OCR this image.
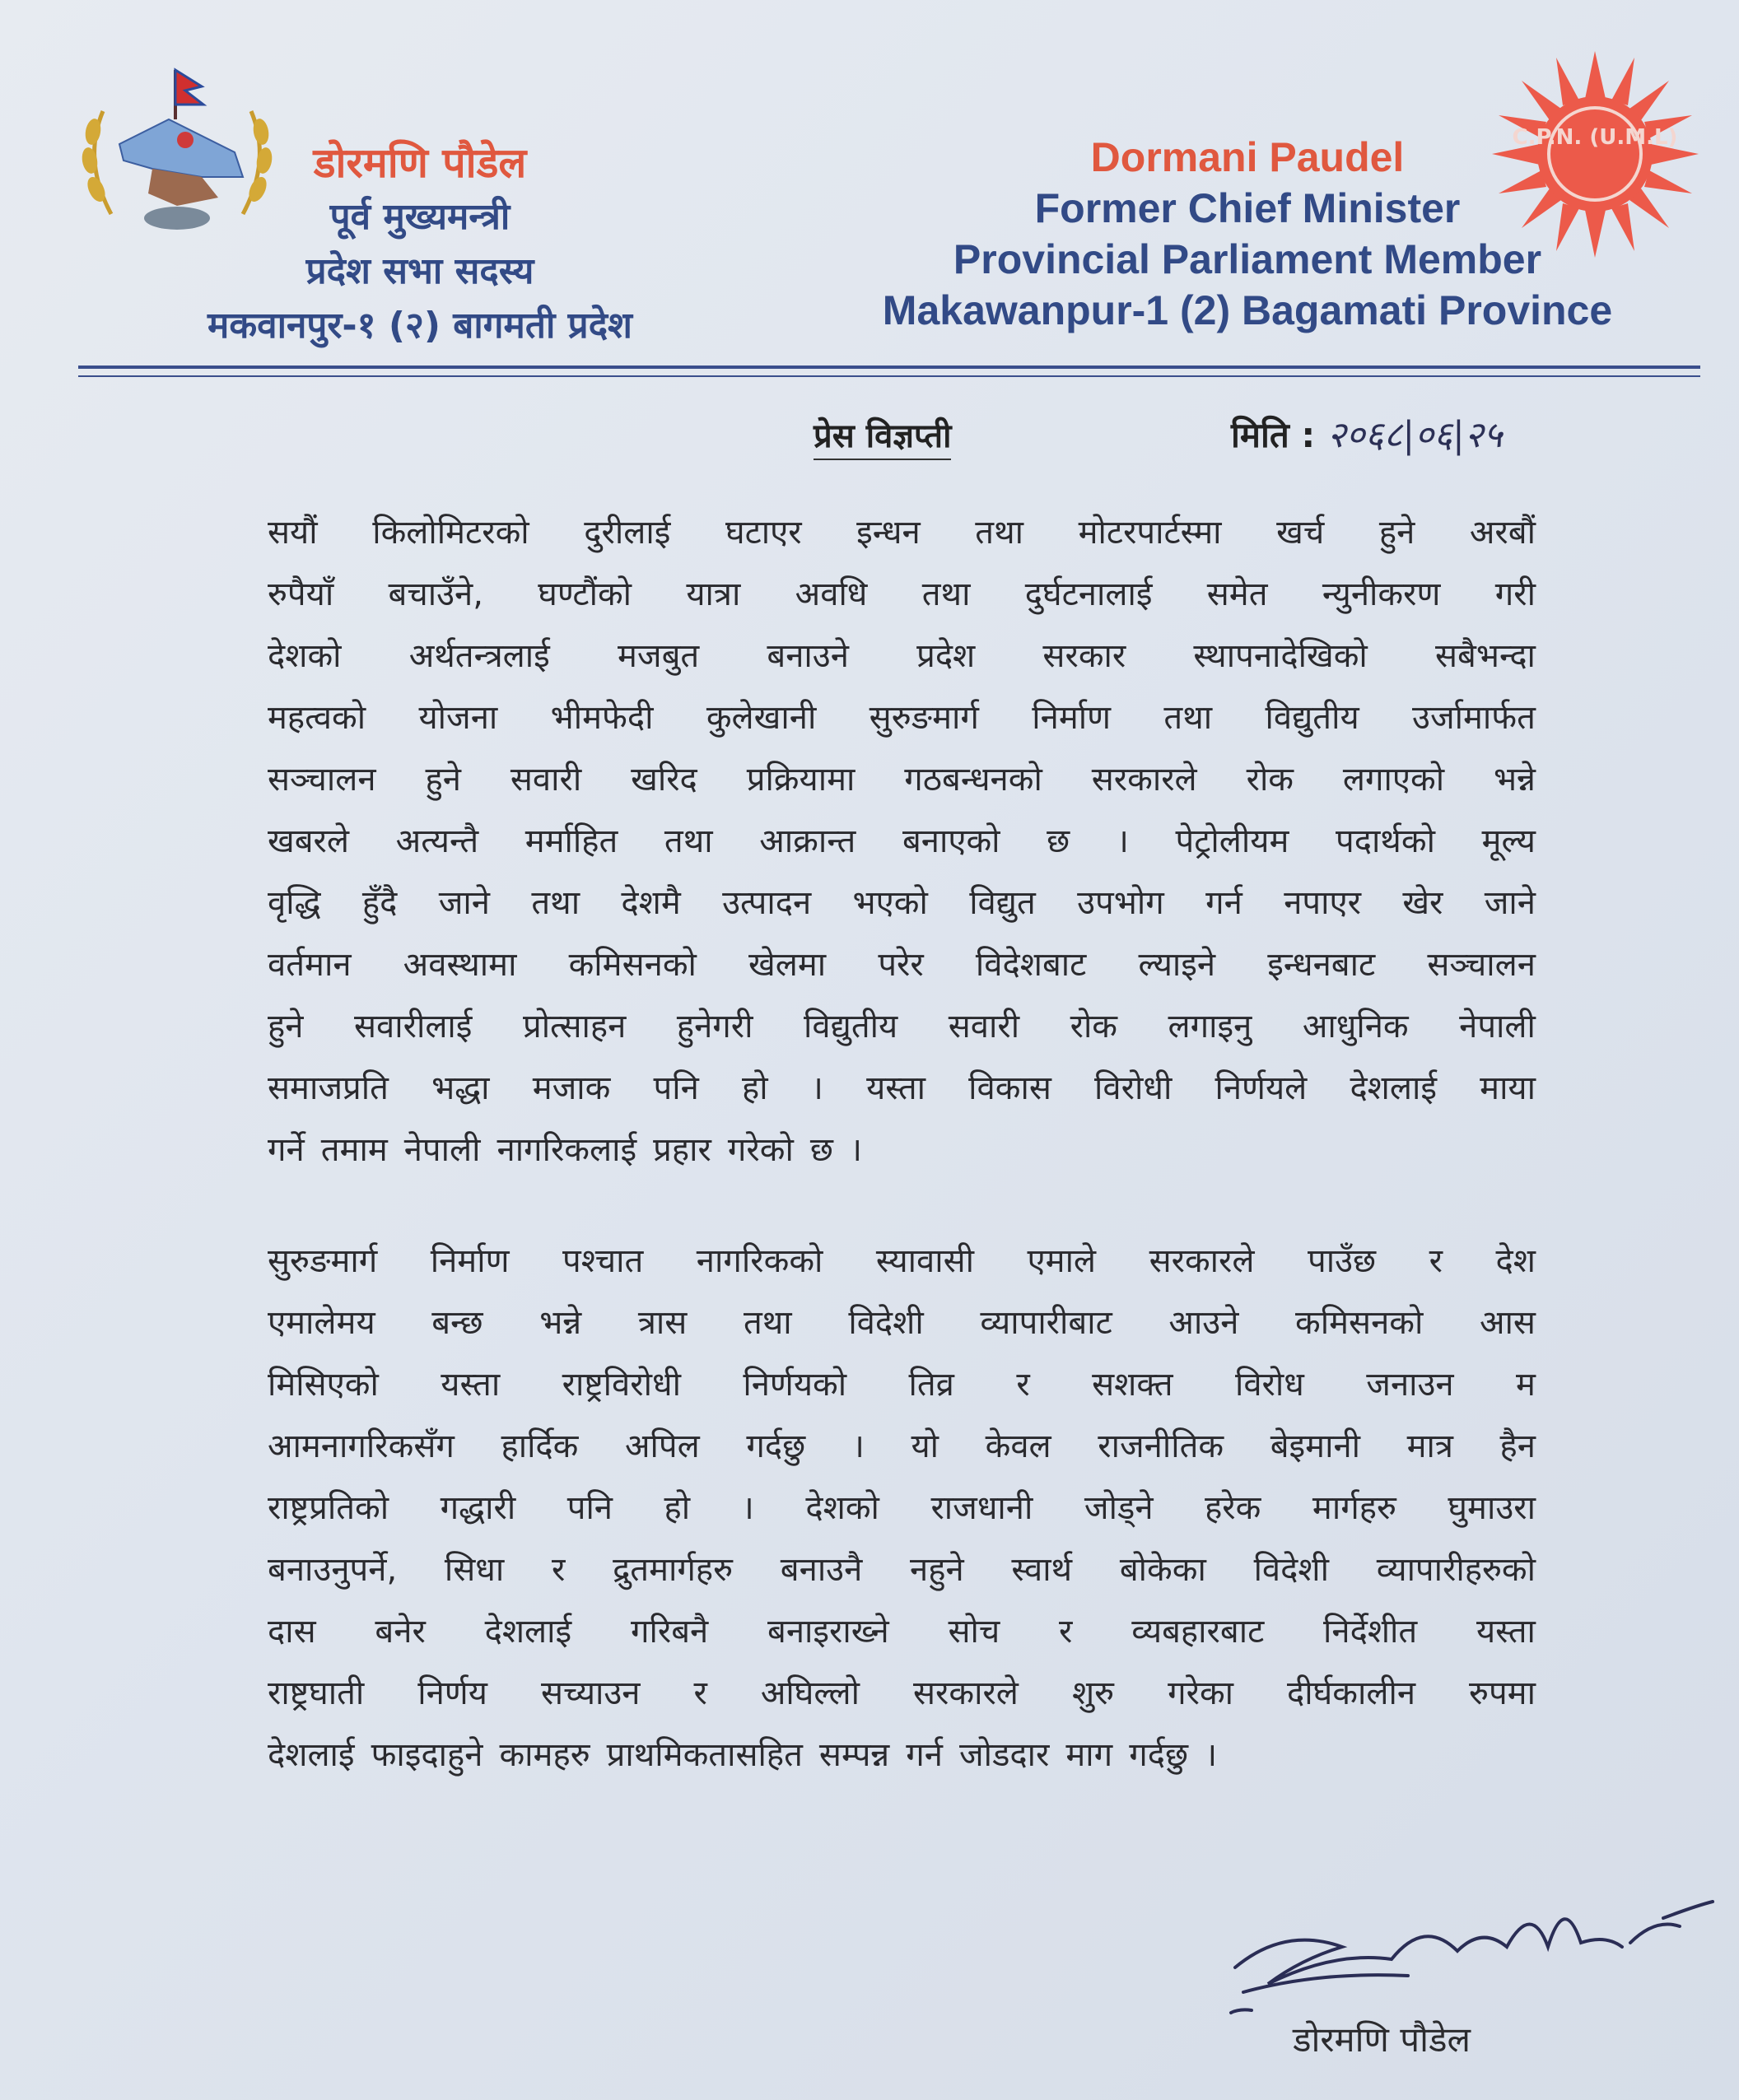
डोरमणि पौडेल
पूर्व मुख्यमन्त्री
प्रदेश सभा सदस्य
मकवानपुर-१ (२) बागमती प्रदेश
Dormani Paudel
Former Chief Minister
Provincial Parliament Member
Makawanpur-1 (2) Bagamati Province
C.P.N. (U.M.L)
प्रेस विज्ञप्ती	मिति : २०६८|०६|२५
सयौं किलोमिटरको दुरीलाई घटाएर इन्धन तथा मोटरपार्टस्मा खर्च हुने अरबौं
रुपैयाँ बचाउँने, घण्टौंको यात्रा अवधि तथा दुर्घटनालाई समेत न्युनीकरण गरी
देशको अर्थतन्त्रलाई मजबुत बनाउने प्रदेश सरकार स्थापनादेखिको सबैभन्दा
महत्वको योजना भीमफेदी कुलेखानी सुरुङमार्ग निर्माण तथा विद्युतीय उर्जामार्फत
सञ्चालन हुने सवारी खरिद प्रक्रियामा गठबन्धनको सरकारले रोक लगाएको भन्ने
खबरले अत्यन्तै मर्माहित तथा आक्रान्त बनाएको छ । पेट्रोलीयम पदार्थको मूल्य
वृद्धि हुँदै जाने तथा देशमै उत्पादन भएको विद्युत उपभोग गर्न नपाएर खेर जाने
वर्तमान अवस्थामा कमिसनको खेलमा परेर विदेशबाट ल्याइने इन्धनबाट सञ्चालन
हुने सवारीलाई प्रोत्साहन हुनेगरी विद्युतीय सवारी रोक लगाइनु आधुनिक नेपाली
समाजप्रति भद्धा मजाक पनि हो । यस्ता विकास विरोधी निर्णयले देशलाई माया
गर्ने तमाम नेपाली नागरिकलाई प्रहार गरेको छ ।
सुरुङमार्ग निर्माण पश्चात नागरिकको स्यावासी एमाले सरकारले पाउँछ र देश
एमालेमय बन्छ भन्ने त्रास तथा विदेशी व्यापारीबाट आउने कमिसनको आस
मिसिएको यस्ता राष्ट्रविरोधी निर्णयको तिव्र र सशक्त विरोध जनाउन म
आमनागरिकसँग हार्दिक अपिल गर्दछु । यो केवल राजनीतिक बेइमानी मात्र हैन
राष्ट्रप्रतिको गद्धारी पनि हो । देशको राजधानी जोड्ने हरेक मार्गहरु घुमाउरा
बनाउनुपर्ने, सिधा र द्रुतमार्गहरु बनाउनै नहुने स्वार्थ बोकेका विदेशी व्यापारीहरुको
दास बनेर देशलाई गरिबनै बनाइराख्ने सोच र व्यबहारबाट निर्देशीत यस्ता
राष्ट्रघाती निर्णय सच्याउन र अघिल्लो सरकारले शुरु गरेका दीर्घकालीन रुपमा
देशलाई फाइदाहुने कामहरु प्राथमिकतासहित सम्पन्न गर्न जोडदार माग गर्दछु ।
डोरमणि पौडेल
